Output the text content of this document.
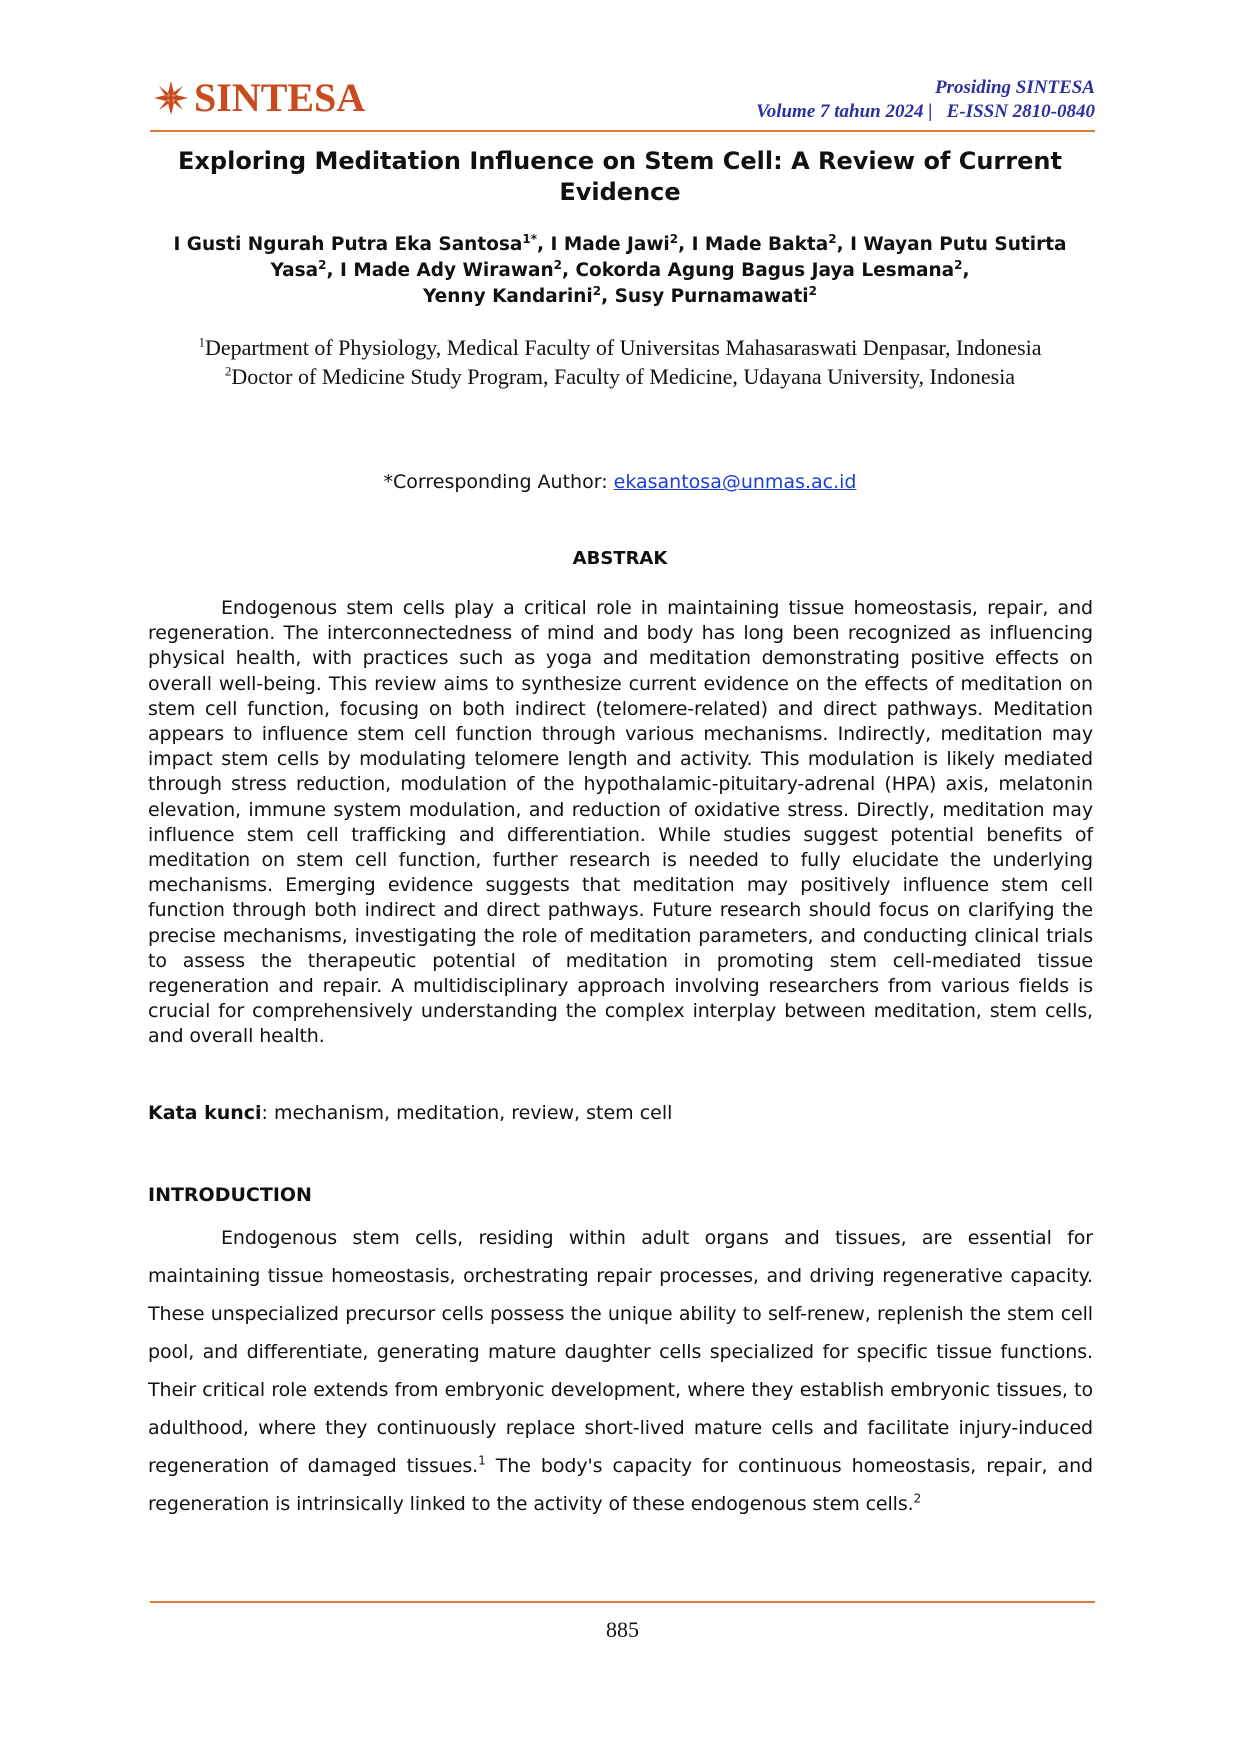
SINTESA	Prosiding SINTESA
Volume 7 tahun 2024 | E-ISSN 2810-0840
Exploring Meditation Influence on Stem Cell: A Review of Current Evidence
I Gusti Ngurah Putra Eka Santosa$^{1*}$, I Made Jawi$^2$, I Made Bakta$^2$, I Wayan Putu Sutirta Yasa$^2$, I Made Ady Wirawan$^2$, Cokorda Agung Bagus Jaya Lesmana$^2$,
Yenny Kandarini$^2$, Susy Purnamawati$^2$
$^1$Department of Physiology, Medical Faculty of Universitas Mahasaraswati Denpasar, Indonesia
$^2$Doctor of Medicine Study Program, Faculty of Medicine, Udayana University, Indonesia
*Corresponding Author: ekasantosa@unmas.ac.id
ABSTRAK
Endogenous stem cells play a critical role in maintaining tissue homeostasis, repair, and regeneration. The interconnectedness of mind and body has long been recognized as influencing physical health, with practices such as yoga and meditation demonstrating positive effects on overall well-being. This review aims to synthesize current evidence on the effects of meditation on stem cell function, focusing on both indirect (telomere-related) and direct pathways. Meditation appears to influence stem cell function through various mechanisms. Indirectly, meditation may impact stem cells by modulating telomere length and activity. This modulation is likely mediated through stress reduction, modulation of the hypothalamic-pituitary-adrenal (HPA) axis, melatonin elevation, immune system modulation, and reduction of oxidative stress. Directly, meditation may influence stem cell trafficking and differentiation. While studies suggest potential benefits of meditation on stem cell function, further research is needed to fully elucidate the underlying mechanisms. Emerging evidence suggests that meditation may positively influence stem cell function through both indirect and direct pathways. Future research should focus on clarifying the precise mechanisms, investigating the role of meditation parameters, and conducting clinical trials to assess the therapeutic potential of meditation in promoting stem cell-mediated tissue regeneration and repair. A multidisciplinary approach involving researchers from various fields is crucial for comprehensively understanding the complex interplay between meditation, stem cells, and overall health.
Kata kunci: mechanism, meditation, review, stem cell
INTRODUCTION
Endogenous stem cells, residing within adult organs and tissues, are essential for maintaining tissue homeostasis, orchestrating repair processes, and driving regenerative capacity. These unspecialized precursor cells possess the unique ability to self-renew, replenish the stem cell pool, and differentiate, generating mature daughter cells specialized for specific tissue functions. Their critical role extends from embryonic development, where they establish embryonic tissues, to adulthood, where they continuously replace short-lived mature cells and facilitate injury-induced regeneration of damaged tissues.$^1$ The body's capacity for continuous homeostasis, repair, and regeneration is intrinsically linked to the activity of these endogenous stem cells.$^2$
885
